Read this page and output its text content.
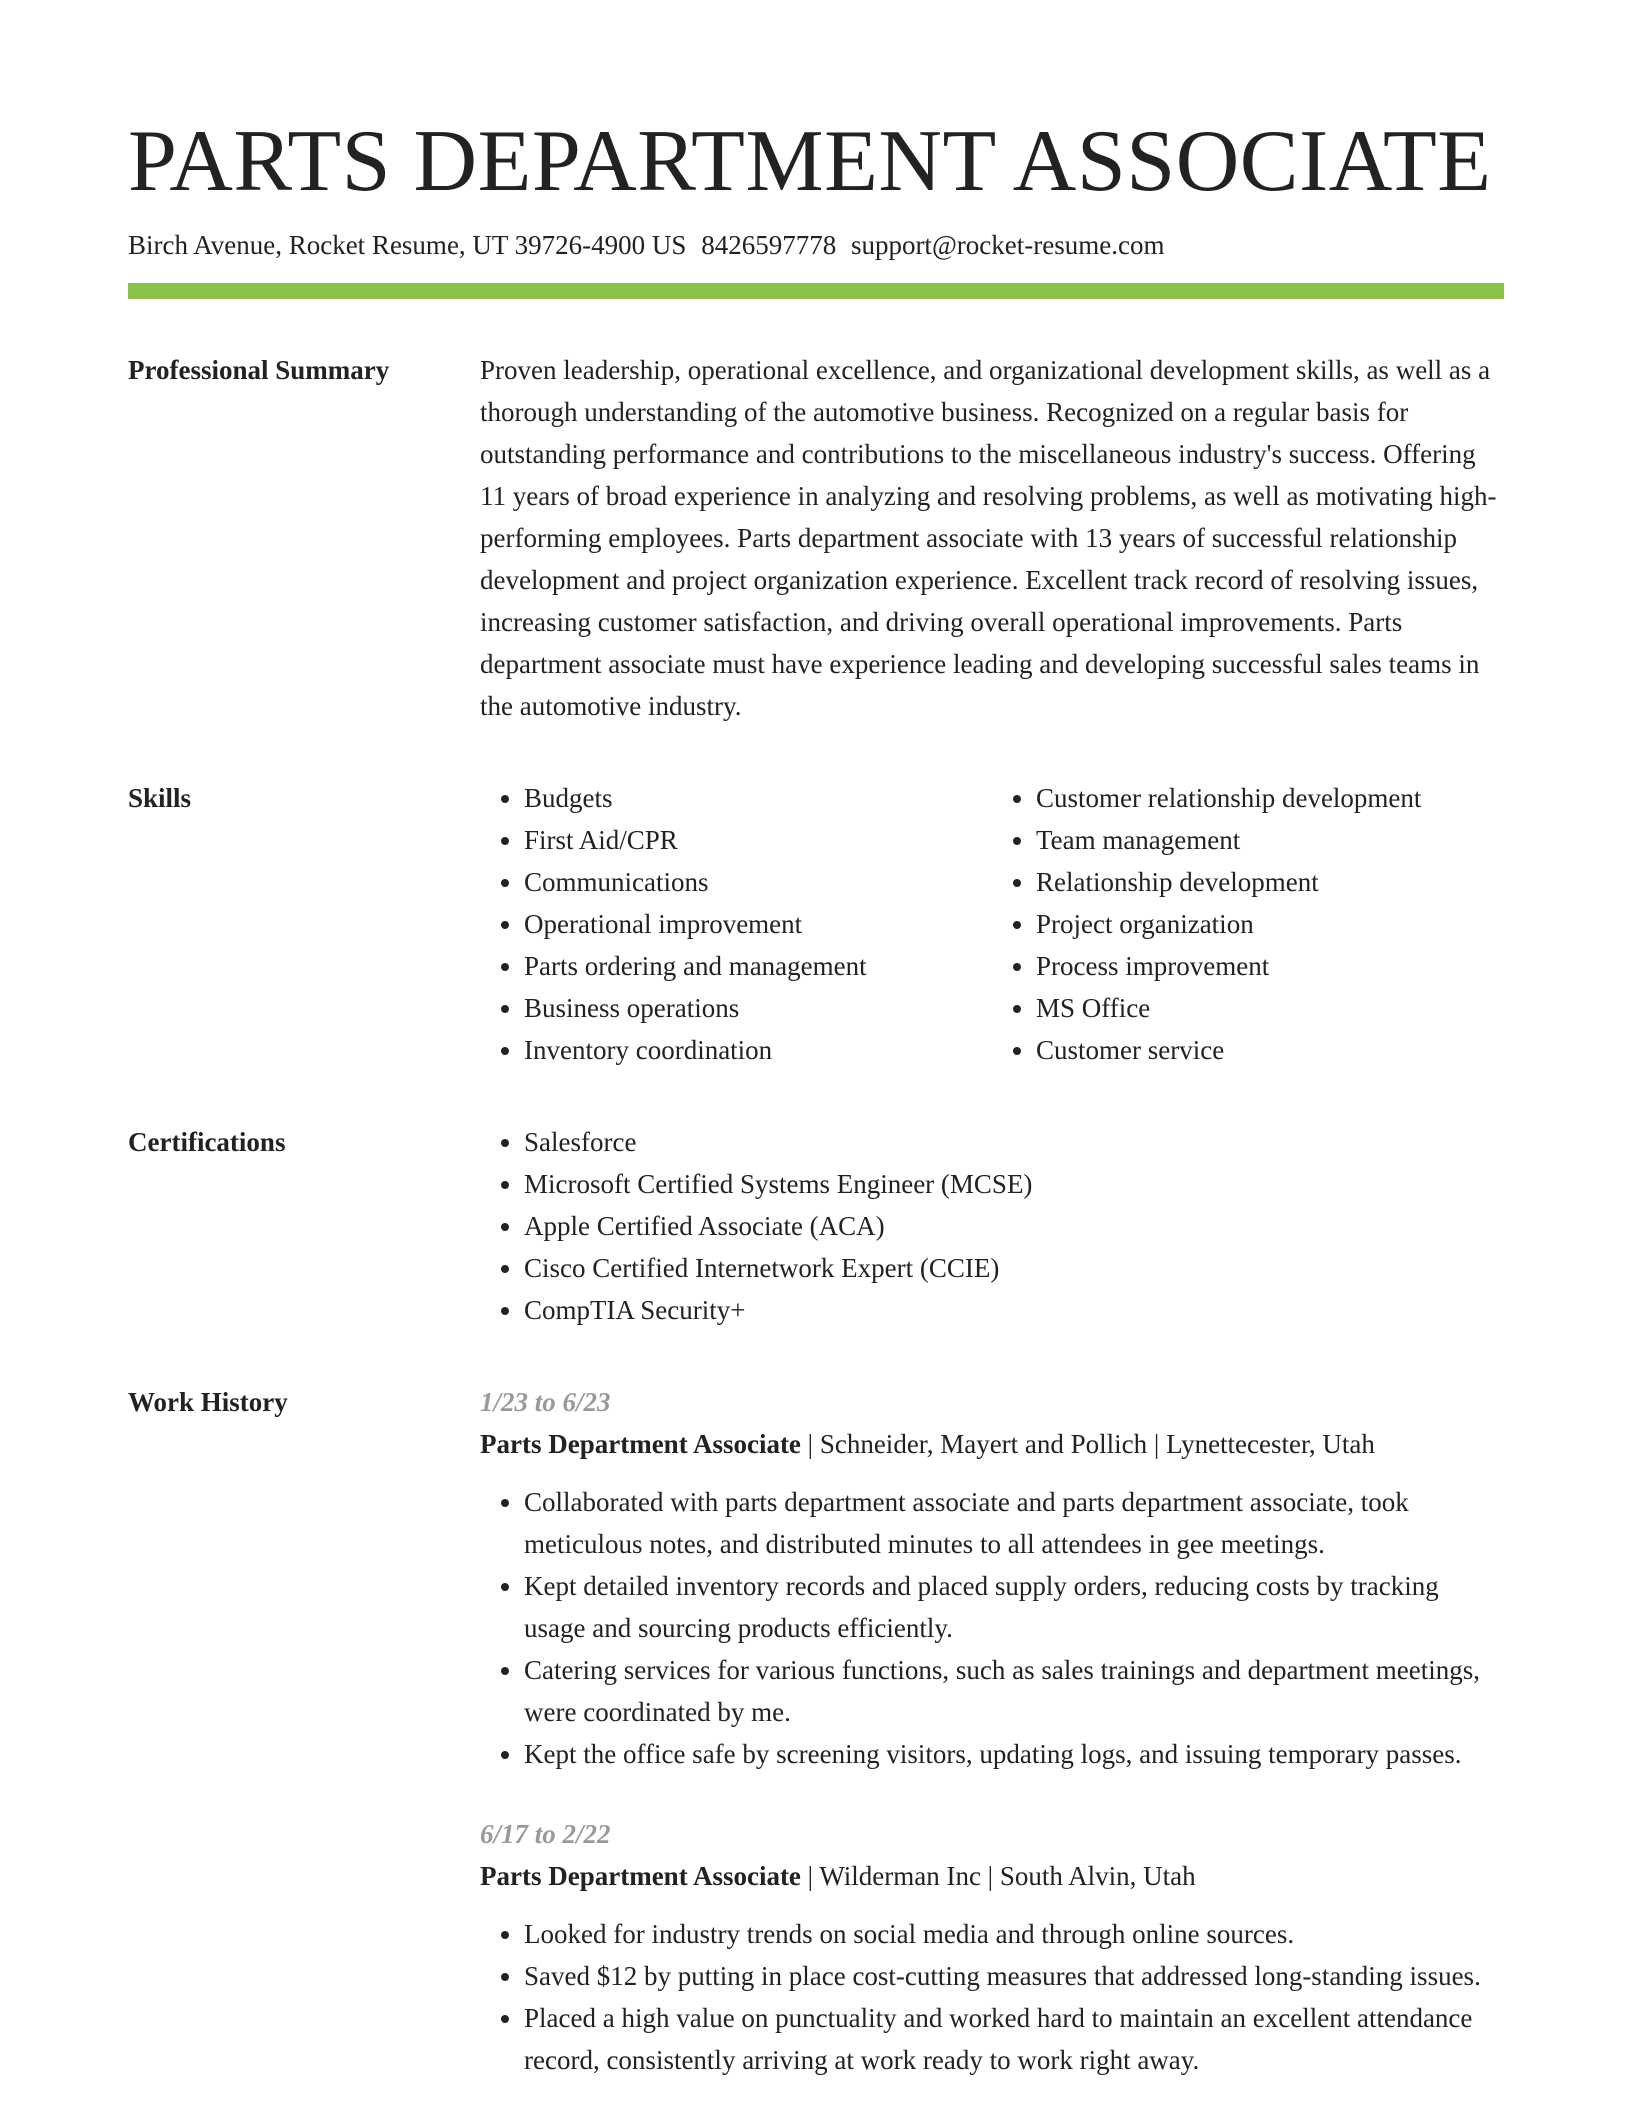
PARTS DEPARTMENT ASSOCIATE
Birch Avenue, Rocket Resume, UT 39726-4900 US 8426597778 support@rocket-resume.com
Professional Summary	Proven leadership, operational excellence, and organizational development skills, as well as a thorough understanding of the automotive business. Recognized on a regular basis for outstanding performance and contributions to the miscellaneous industry's success. Offering 11 years of broad experience in analyzing and resolving problems, as well as motivating high-performing employees. Parts department associate with 13 years of successful relationship development and project organization experience. Excellent track record of resolving issues, increasing customer satisfaction, and driving overall operational improvements. Parts department associate must have experience leading and developing successful sales teams in the automotive industry.

Skills	• Budgets
• First Aid/CPR
• Communications
• Operational improvement
• Parts ordering and management
• Business operations
• Inventory coordination
• Customer relationship development
• Team management
• Relationship development
• Project organization
• Process improvement
• MS Office
• Customer service
Certifications	• Salesforce
• Microsoft Certified Systems Engineer (MCSE)
• Apple Certified Associate (ACA)
• Cisco Certified Internetwork Expert (CCIE)
• CompTIA Security+
Work History	1/23 to 6/23
Parts Department Associate | Schneider, Mayert and Pollich | Lynettecester, Utah
• Collaborated with parts department associate and parts department associate, took meticulous notes, and distributed minutes to all attendees in gee meetings.
• Kept detailed inventory records and placed supply orders, reducing costs by tracking usage and sourcing products efficiently.
• Catering services for various functions, such as sales trainings and department meetings, were coordinated by me.
• Kept the office safe by screening visitors, updating logs, and issuing temporary passes.
6/17 to 2/22
Parts Department Associate | Wilderman Inc | South Alvin, Utah
• Looked for industry trends on social media and through online sources.
• Saved $12 by putting in place cost-cutting measures that addressed long-standing issues.
• Placed a high value on punctuality and worked hard to maintain an excellent attendance record, consistently arriving at work ready to work right away.
